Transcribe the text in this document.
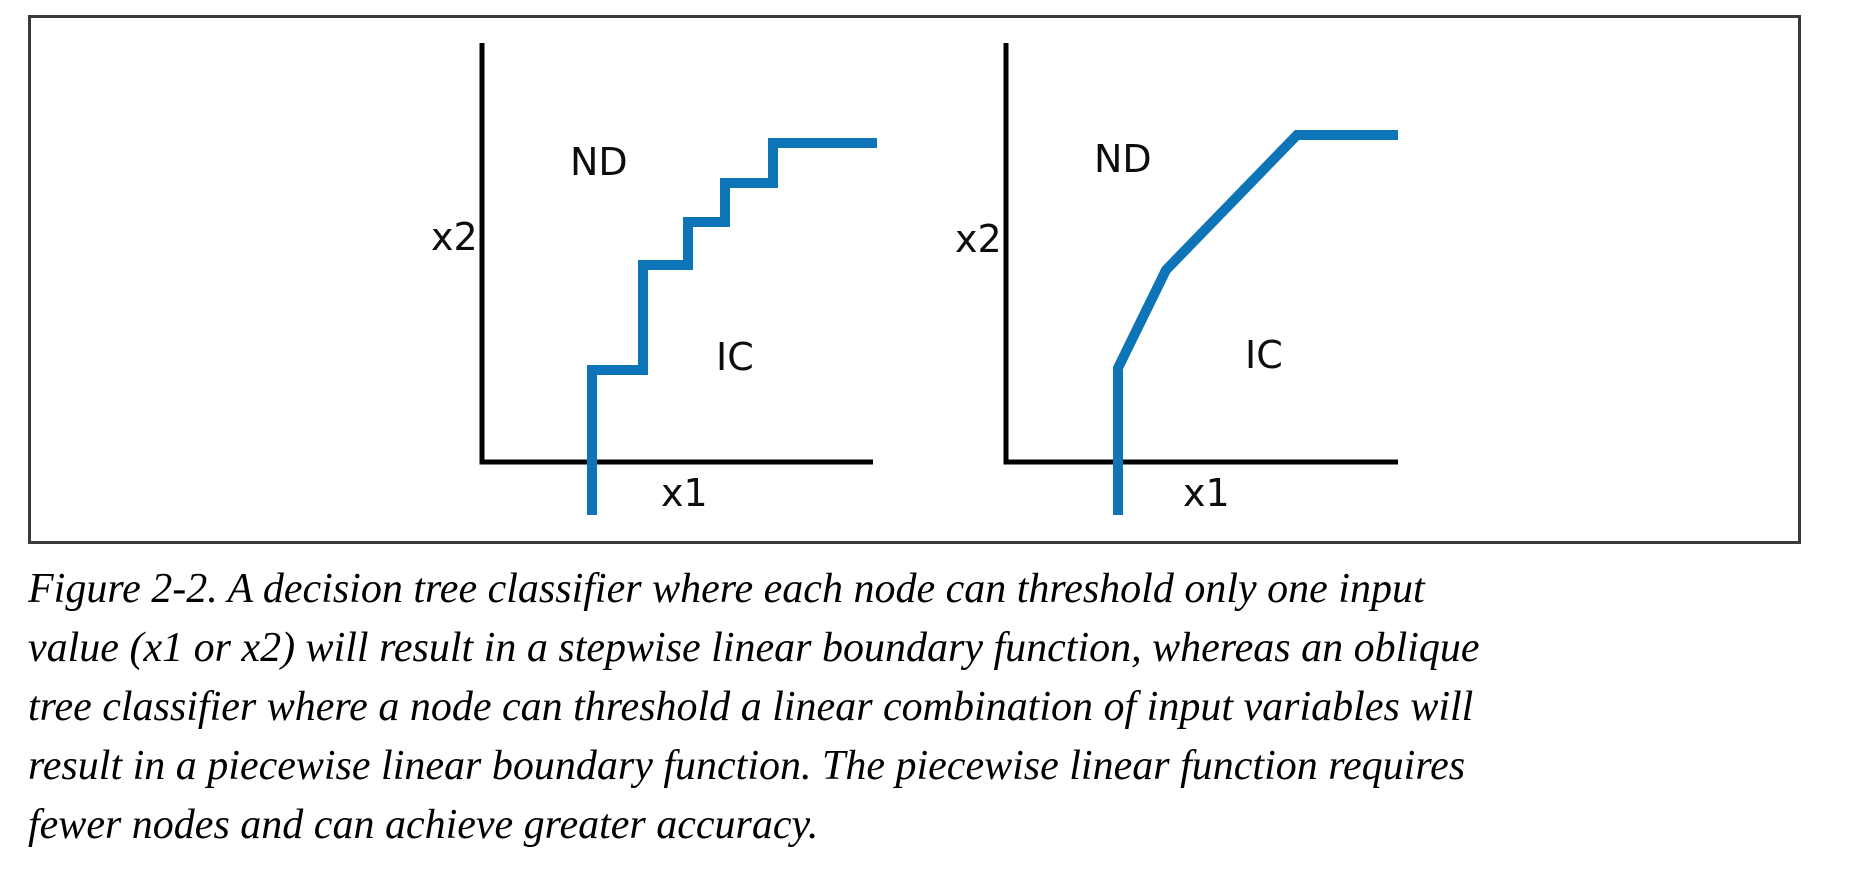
ND
x2
IC
x1
ND
x2
IC
x1
Figure 2-2. A decision tree classifier where each node can threshold only one input
value (x1 or x2) will result in a stepwise linear boundary function, whereas an oblique
tree classifier where a node can threshold a linear combination of input variables will
result in a piecewise linear boundary function. The piecewise linear function requires
fewer nodes and can achieve greater accuracy.
